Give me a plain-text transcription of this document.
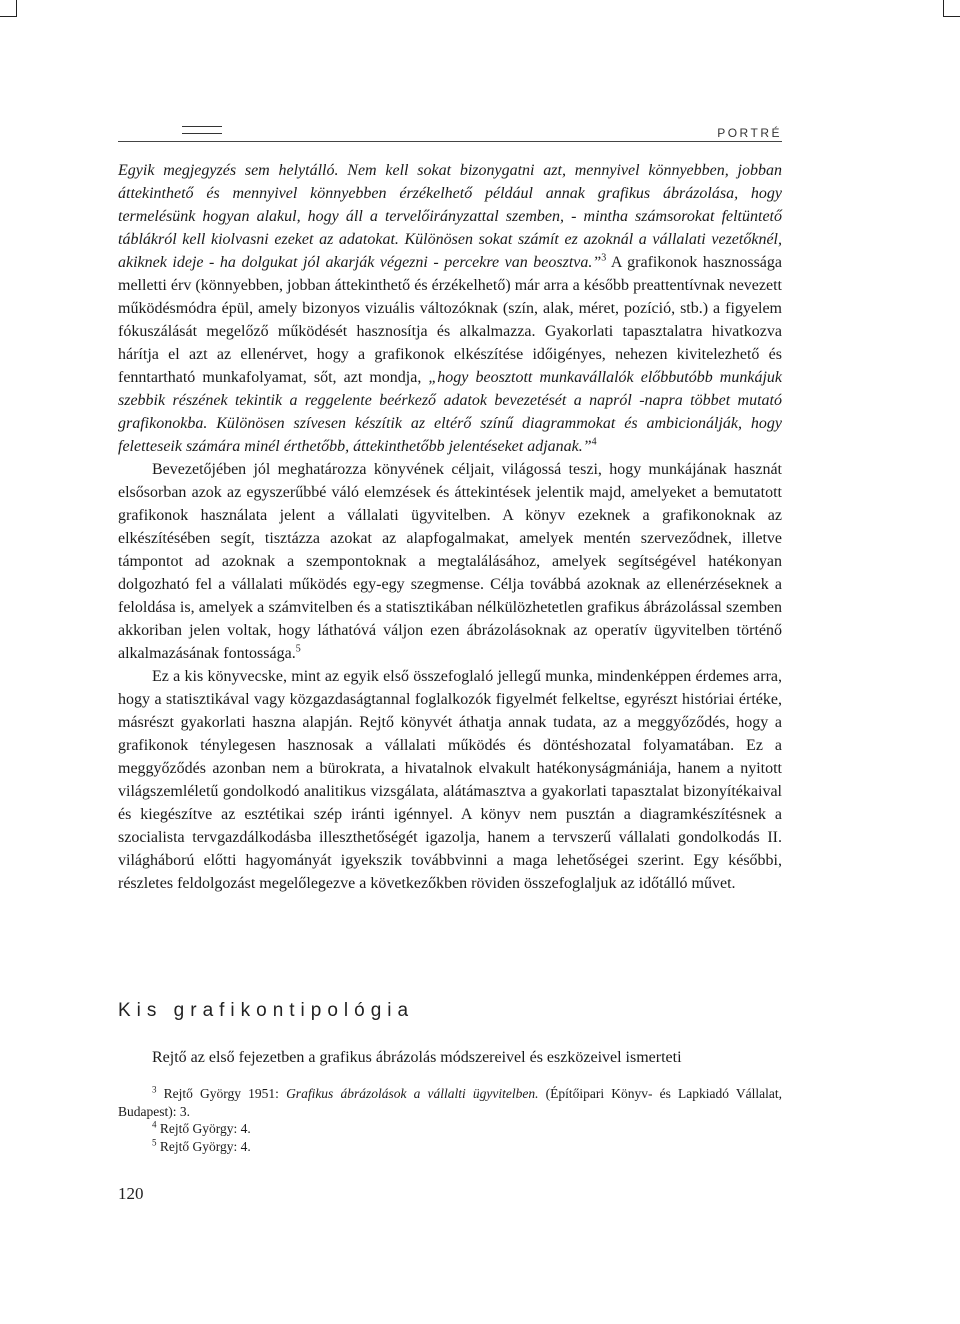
PORTRÉ

Egyik megjegyzés sem helytálló. Nem kell sokat bizonygatni azt, mennyivel könnyebben, jobban áttekinthető és mennyivel könnyebben érzékelhető például annak grafikus ábrázolása, hogy termelésünk hogyan alakul, hogy áll a tervelőirányzattal szemben, - mintha számsorokat feltüntető táblákról kell kiolvasni ezeket az adatokat. Különösen sokat számít ez azoknál a vállalati vezetőknél, akiknek ideje - ha dolgukat jól akarják végezni - percekre van beosztva.”$^3$ A grafikonok hasznossága melletti érv (könnyebben, jobban áttekinthető és érzékelhető) már arra a később preattentívnak nevezett működésmódra épül, amely bizonyos vizuális változóknak (szín, alak, méret, pozíció, stb.) a figyelem fókuszálását megelőző működését hasznosítja és alkalmazza. Gyakorlati tapasztalatra hivatkozva hárítja el azt az ellenérvet, hogy a grafikonok elkészítése időigényes, nehezen kivitelezhető és fenntartható munkafolyamat, sőt, azt mondja, „hogy beosztott munkavállalók előbbutóbb munkájuk szebbik részének tekintik a reggelente beérkező adatok bevezetését a napról -napra többet mutató grafikonokba. Különösen szívesen készítik az eltérő színű diagrammokat és ambicionálják, hogy feletteseik számára minél érthetőbb, áttekinthetőbb jelentéseket adjanak.”$^4$

Bevezetőjében jól meghatározza könyvének céljait, világossá teszi, hogy munkájának hasznát elsősorban azok az egyszerűbbé váló elemzések és áttekintések jelentik majd, amelyeket a bemutatott grafikonok használata jelent a vállalati ügyvitelben. A könyv ezeknek a grafikonoknak az elkészítésében segít, tisztázza azokat az alapfogalmakat, amelyek mentén szerveződnek, illetve támpontot ad azoknak a szempontoknak a megtalálásához, amelyek segítségével hatékonyan dolgozható fel a vállalati működés egy-egy szegmense. Célja továbbá azoknak az ellenérzéseknek a feloldása is, amelyek a számvitelben és a statisztikában nélkülözhetetlen grafikus ábrázolással szemben akkoriban jelen voltak, hogy láthatóvá váljon ezen ábrázolásoknak az operatív ügyvitelben történő alkalmazásának fontossága.$^5$

Ez a kis könyvecske, mint az egyik első összefoglaló jellegű munka, mindenképpen érdemes arra, hogy a statisztikával vagy közgazdaságtannal foglalkozók figyelmét felkeltse, egyrészt históriai értéke, másrészt gyakorlati haszna alapján. Rejtő könyvét áthatja annak tudata, az a meggyőződés, hogy a grafikonok ténylegesen hasznosak a vállalati működés és döntéshozatal folyamatában. Ez a meggyőződés azonban nem a bürokrata, a hivatalnok elvakult hatékonyságmániája, hanem a nyitott világszemléletű gondolkodó analitikus vizsgálata, alátámasztva a gyakorlati tapasztalat bizonyítékaival és kiegészítve az esztétikai szép iránti igénnyel. A könyv nem pusztán a diagramkészítésnek a szocialista tervgazdálkodásba illeszthetőségét igazolja, hanem a tervszerű vállalati gondolkodás II. világháború előtti hagyományát igyekszik továbbvinni a maga lehetőségei szerint. Egy későbbi, részletes feldolgozást megelőlegezve a következőkben röviden összefoglaljuk az időtálló művet.

Kis grafikontipológia
Rejtő az első fejezetben a grafikus ábrázolás módszereivel és eszközeivel ismerteti

$^3$ Rejtő György 1951: Grafikus ábrázolások a vállalti ügyvitelben. (Építőipari Könyv- és Lapkiadó Vállalat, Budapest): 3.

$^4$ Rejtő György: 4.

$^5$ Rejtő György: 4.

120
